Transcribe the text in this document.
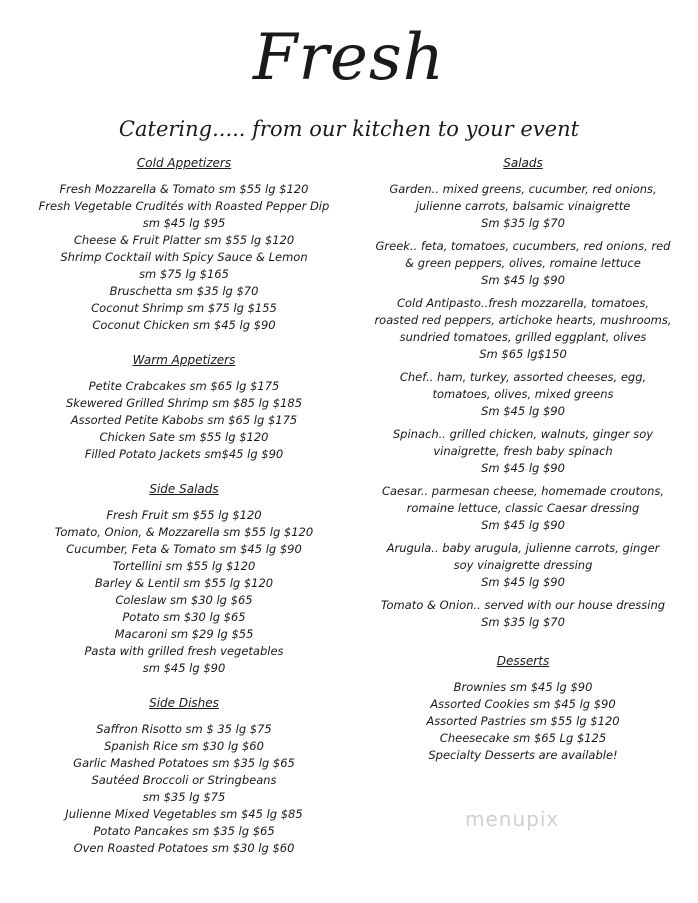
Fresh
Catering..... from our kitchen to your event
Cold Appetizers
Fresh Mozzarella & Tomato sm $55 lg $120
Fresh Vegetable Crudités with Roasted Pepper Dip
sm $45 lg $95
Cheese & Fruit Platter sm $55 lg $120
Shrimp Cocktail with Spicy Sauce & Lemon
sm $75 lg $165
Bruschetta sm $35 lg $70
Coconut Shrimp sm $75 lg $155
Coconut Chicken sm $45 lg $90
Warm Appetizers
Petite Crabcakes sm $65 lg $175
Skewered Grilled Shrimp sm $85 lg $185
Assorted Petite Kabobs sm $65 lg $175
Chicken Sate sm $55 lg $120
Filled Potato Jackets sm$45 lg $90
Side Salads
Fresh Fruit sm $55 lg $120
Tomato, Onion, & Mozzarella sm $55 lg $120
Cucumber, Feta & Tomato sm $45 lg $90
Tortellini sm $55 lg $120
Barley & Lentil sm $55 lg $120
Coleslaw sm $30 lg $65
Potato sm $30 lg $65
Macaroni sm $29 lg $55
Pasta with grilled fresh vegetables
sm $45 lg $90
Side Dishes
Saffron Risotto sm $ 35 lg $75
Spanish Rice sm $30 lg $60
Garlic Mashed Potatoes sm $35 lg $65
Sautéed Broccoli or Stringbeans
sm $35 lg $75
Julienne Mixed Vegetables sm $45 lg $85
Potato Pancakes sm $35 lg $65
Oven Roasted Potatoes sm $30 lg $60
Salads
Garden.. mixed greens, cucumber, red onions,
julienne carrots, balsamic vinaigrette
Sm $35 lg $70
Greek.. feta, tomatoes, cucumbers, red onions, red
& green peppers, olives, romaine lettuce
Sm $45 lg $90
Cold Antipasto..fresh mozzarella, tomatoes,
roasted red peppers, artichoke hearts, mushrooms,
sundried tomatoes, grilled eggplant, olives
Sm $65 lg$150
Chef.. ham, turkey, assorted cheeses, egg,
tomatoes, olives, mixed greens
Sm $45 lg $90
Spinach.. grilled chicken, walnuts, ginger soy
vinaigrette, fresh baby spinach
Sm $45 lg $90
Caesar.. parmesan cheese, homemade croutons,
romaine lettuce, classic Caesar dressing
Sm $45 lg $90
Arugula.. baby arugula, julienne carrots, ginger
soy vinaigrette dressing
Sm $45 lg $90
Tomato & Onion.. served with our house dressing
Sm $35 lg $70
Desserts
Brownies sm $45 lg $90
Assorted Cookies sm $45 lg $90
Assorted Pastries sm $55 lg $120
Cheesecake sm $65 Lg $125
Specialty Desserts are available!
menupix
